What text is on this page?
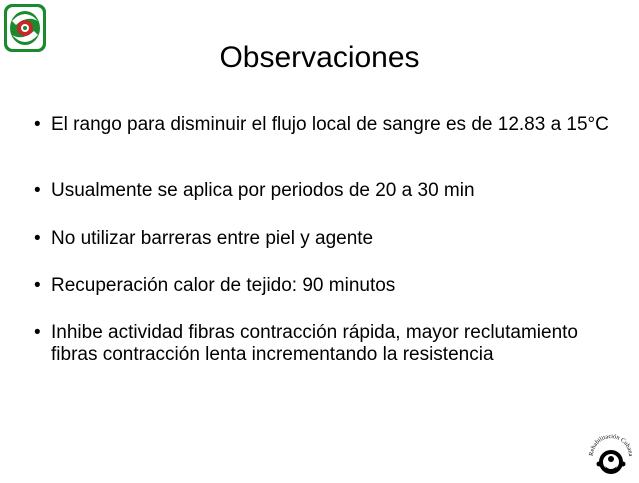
Observaciones
• El rango para disminuir el flujo local de sangre es de 12.83 a 15°C
• Usualmente se aplica por periodos de 20 a 30 min
• No utilizar barreras entre piel y agente
• Recuperación calor de tejido: 90 minutos
• Inhibe actividad fibras contracción rápida, mayor reclutamiento fibras contracción lenta incrementando la resistencia
Rehabilitación Cubana
